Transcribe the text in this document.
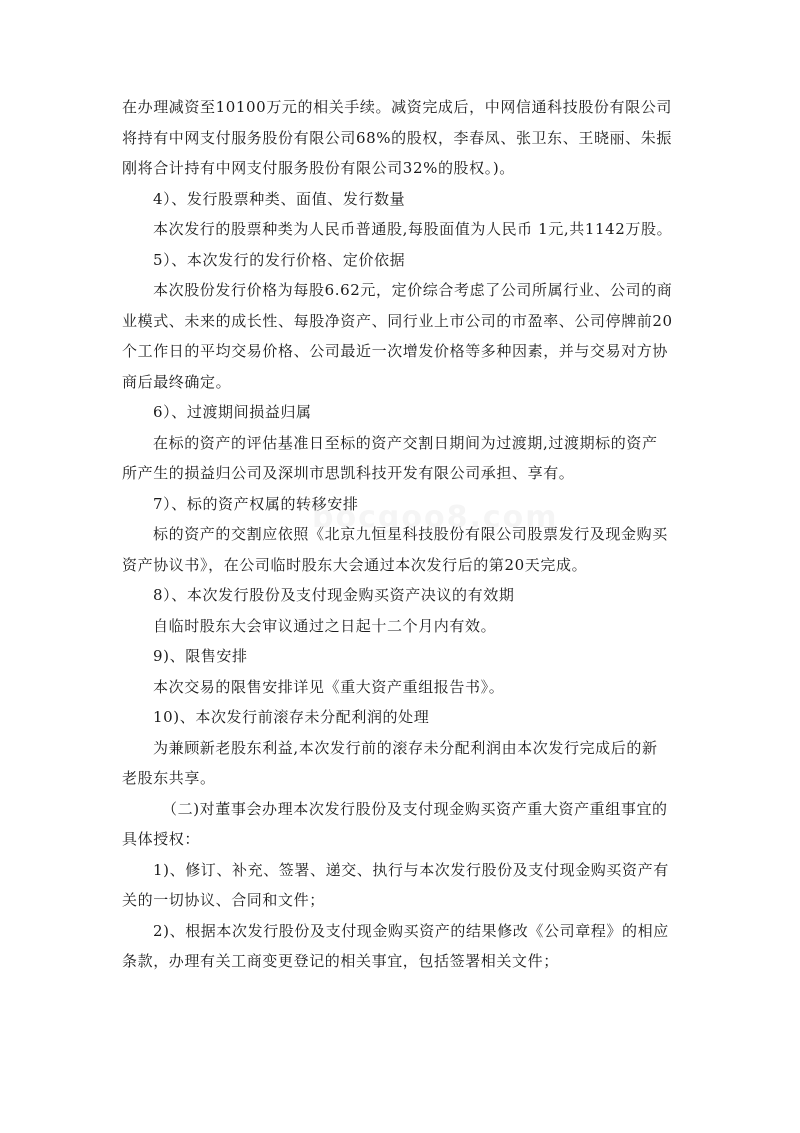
bocgoo8.com
在办理减资至10100万元的相关手续。减资完成后，中网信通科技股份有限公司
将持有中网支付服务股份有限公司68%的股权，李春凤、张卫东、王晓丽、朱振
刚将合计持有中网支付服务股份有限公司32%的股权。)。
4）、发行股票种类、面值、发行数量
本次发行的股票种类为人民币普通股,每股面值为人民币 1元,共1142万股。
5）、本次发行的发行价格、定价依据
本次股份发行价格为每股6.62元，定价综合考虑了公司所属行业、公司的商
业模式、未来的成长性、每股净资产、同行业上市公司的市盈率、公司停牌前20
个工作日的平均交易价格、公司最近一次增发价格等多种因素，并与交易对方协
商后最终确定。
6）、过渡期间损益归属
在标的资产的评估基准日至标的资产交割日期间为过渡期,过渡期标的资产
所产生的损益归公司及深圳市思凯科技开发有限公司承担、享有。
7）、标的资产权属的转移安排
标的资产的交割应依照《北京九恒星科技股份有限公司股票发行及现金购买
资产协议书》，在公司临时股东大会通过本次发行后的第20天完成。
8）、本次发行股份及支付现金购买资产决议的有效期
自临时股东大会审议通过之日起十二个月内有效。
9)、限售安排
本次交易的限售安排详见《重大资产重组报告书》。
10)、本次发行前滚存未分配利润的处理
为兼顾新老股东利益,本次发行前的滚存未分配利润由本次发行完成后的新
老股东共享。
（二)对董事会办理本次发行股份及支付现金购买资产重大资产重组事宜的
具体授权：
1)、修订、补充、签署、递交、执行与本次发行股份及支付现金购买资产有
关的一切协议、合同和文件；
2)、根据本次发行股份及支付现金购买资产的结果修改《公司章程》的相应
条款，办理有关工商变更登记的相关事宜，包括签署相关文件；
